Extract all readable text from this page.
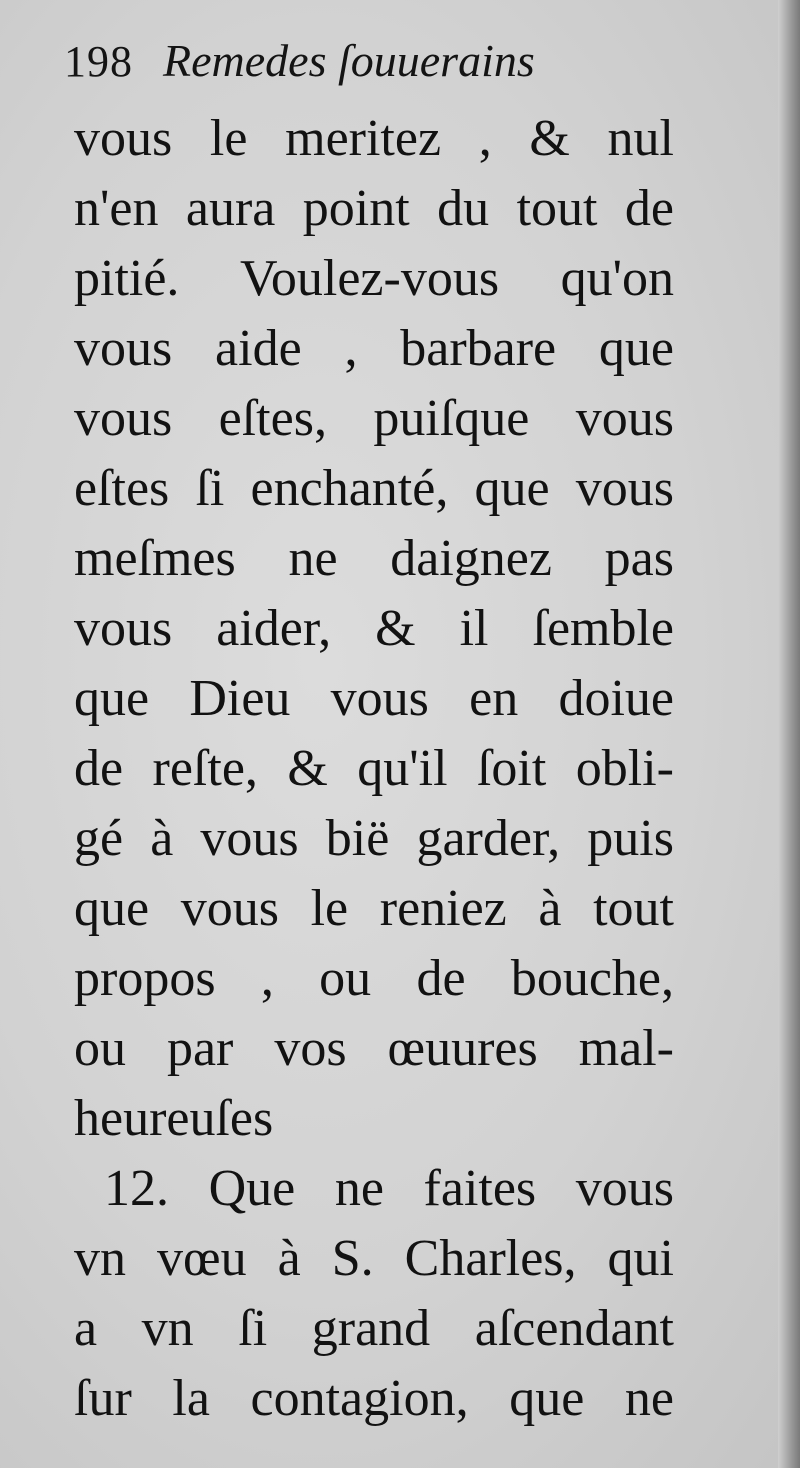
198 Remedes ſouuerains
vous le meritez , & nul
n'en aura point du tout de
pitié. Voulez-vous qu'on
vous aide , barbare que
vous eſtes, puiſque vous
eſtes ſi enchanté, que vous
meſmes ne daignez pas
vous aider, & il ſemble
que Dieu vous en doiue
de reſte, & qu'il ſoit obli-
gé à vous bië garder, puis
que vous le reniez à tout
propos , ou de bouche,
ou par vos œuures mal-
heureuſes
12. Que ne faites vous
vn vœu à S. Charles, qui
a vn ſi grand aſcendant
ſur la contagion, que ne
